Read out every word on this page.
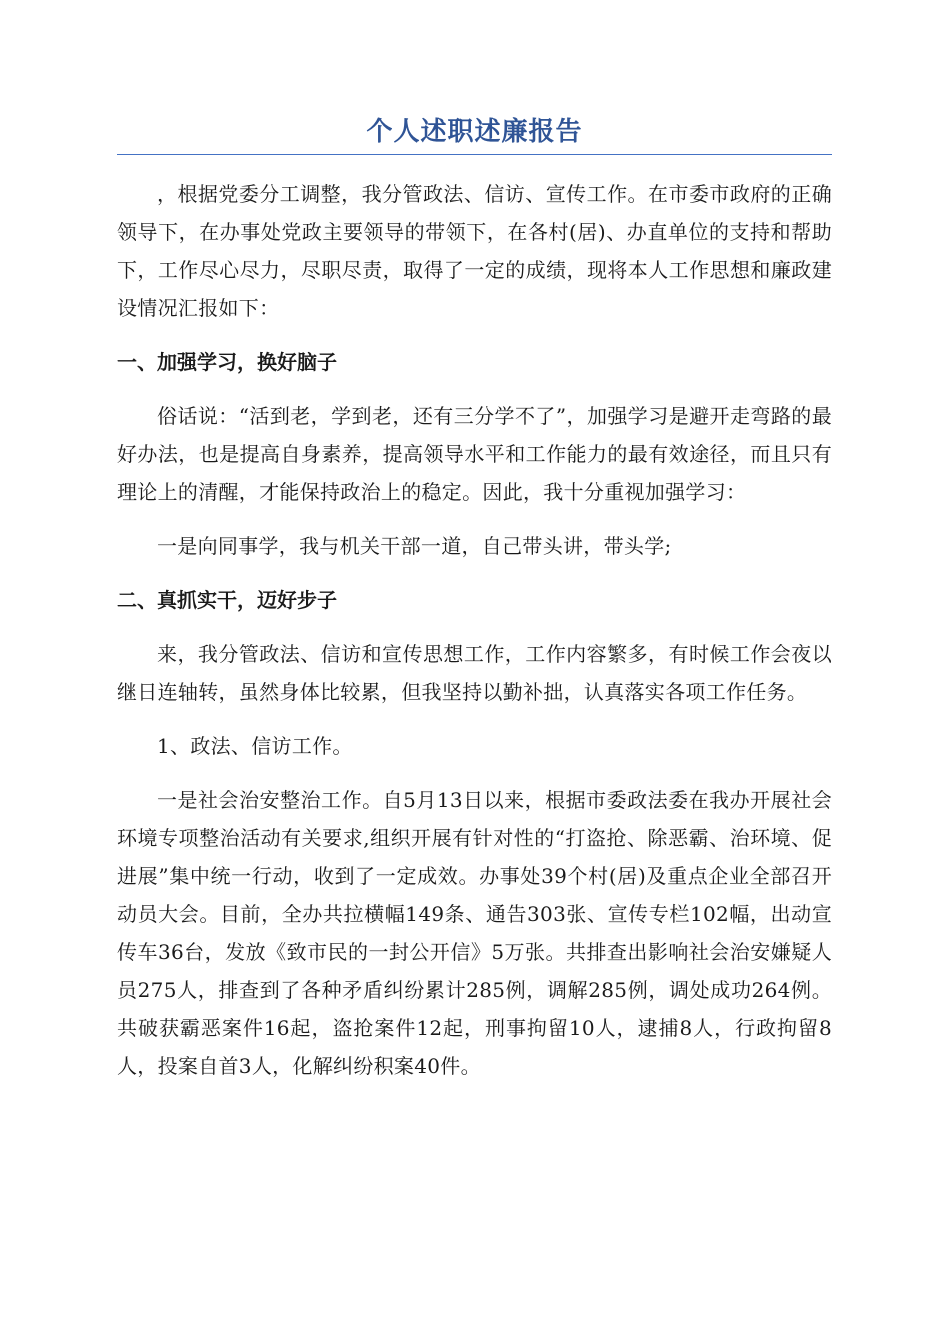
个人述职述廉报告

，根据党委分工调整，我分管政法、信访、宣传工作。在市委市政府的正确领导下，在办事处党政主要领导的带领下，在各村(居)、办直单位的支持和帮助下，工作尽心尽力，尽职尽责，取得了一定的成绩，现将本人工作思想和廉政建设情况汇报如下：

一、加强学习，换好脑子

俗话说：“活到老，学到老，还有三分学不了”，加强学习是避开走弯路的最好办法，也是提高自身素养，提高领导水平和工作能力的最有效途径，而且只有理论上的清醒，才能保持政治上的稳定。因此，我十分重视加强学习：

一是向同事学，我与机关干部一道，自己带头讲，带头学;

二、真抓实干，迈好步子

来，我分管政法、信访和宣传思想工作，工作内容繁多，有时候工作会夜以继日连轴转，虽然身体比较累，但我坚持以勤补拙，认真落实各项工作任务。

1、政法、信访工作。

一是社会治安整治工作。自5月13日以来，根据市委政法委在我办开展社会环境专项整治活动有关要求,组织开展有针对性的“打盗抢、除恶霸、治环境、促进展”集中统一行动，收到了一定成效。办事处39个村(居)及重点企业全部召开动员大会。目前，全办共拉横幅149条、通告303张、宣传专栏102幅，出动宣传车36台，发放《致市民的一封公开信》5万张。共排查出影响社会治安嫌疑人员275人，排查到了各种矛盾纠纷累计285例，调解285例，调处成功264例。共破获霸恶案件16起，盗抢案件12起，刑事拘留10人，逮捕8人，行政拘留8人，投案自首3人，化解纠纷积案40件。
